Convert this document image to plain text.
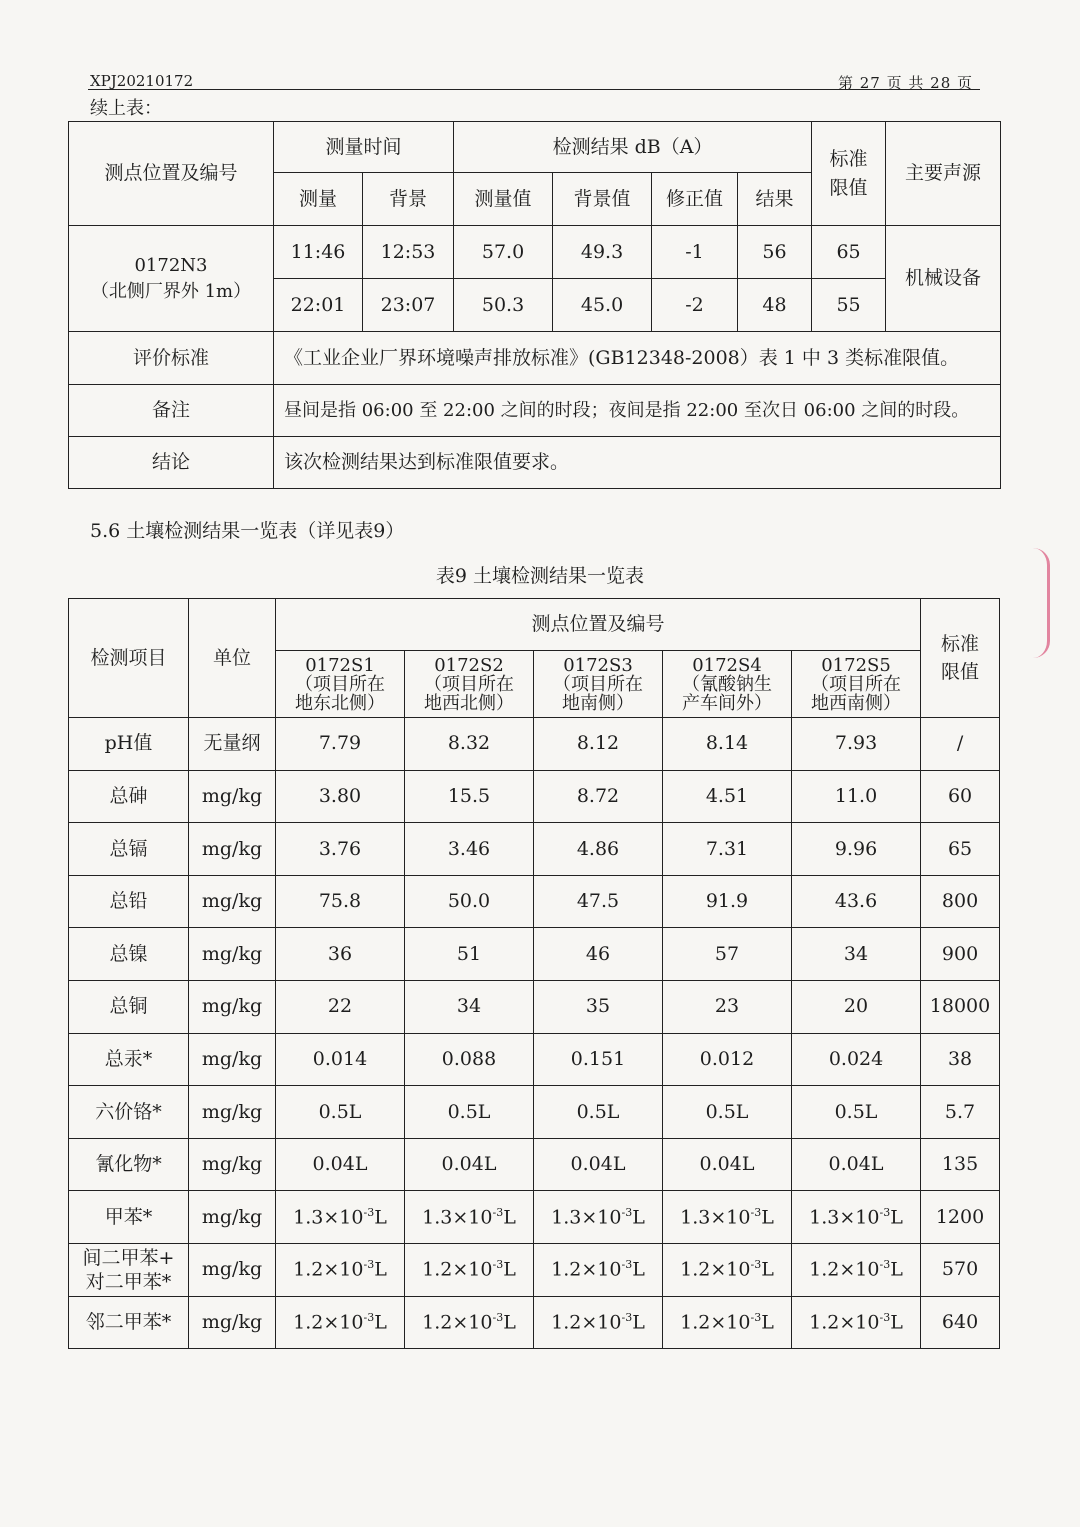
XPJ20210172	第 27 页 共 28 页
续上表：
测点位置及编号	测量时间		检测结果 dB（A）				标准限值	主要声源
	测量	背景	测量值	背景值	修正值	结果		

0172N3
（北侧厂界外 1m）	11:46	12:53	57.0	49.3	-1	56	65	机械设备
	22:01	23:07	50.3	45.0	-2	48	55	
评价标准	《工业企业厂界环境噪声排放标准》(GB12348-2008）表 1 中 3 类标准限值。							
备注	昼间是指 06:00 至 22:00 之间的时段；夜间是指 22:00 至次日 06:00 之间的时段。							
结论	该次检测结果达到标准限值要求。							
5.6 土壤检测结果一览表（详见表9）
表9 土壤检测结果一览表
检测项目	单位	测点位置及编号					标准限值

		0172S1
（项目所在
地东北侧）	0172S2
（项目所在
地西北侧）	0172S3
（项目所在
地南侧）	0172S4
（氰酸钠生
产车间外）	0172S5
（项目所在
地西南侧）	

pH值	无量纲	7.79	8.32	8.12	8.14	7.93	/
总砷	mg/kg	3.80	15.5	8.72	4.51	11.0	60
总镉	mg/kg	3.76	3.46	4.86	7.31	9.96	65
总铅	mg/kg	75.8	50.0	47.5	91.9	43.6	800
总镍	mg/kg	36	51	46	57	34	900
总铜	mg/kg	22	34	35	23	20	18000
总汞*	mg/kg	0.014	0.088	0.151	0.012	0.024	38
六价铬*	mg/kg	0.5L	0.5L	0.5L	0.5L	0.5L	5.7
氰化物*	mg/kg	0.04L	0.04L	0.04L	0.04L	0.04L	135

甲苯*	mg/kg	$1.3\times 10^{-3}L$	$1.3\times 10^{-3}L$	$1.3\times 10^{-3}L$	$1.3\times 10^{-3}L$	$1.3\times 10^{-3}L$	1200

间二甲苯+
对二甲苯*	mg/kg	$1.2\times 10^{-3}L$	$1.2\times 10^{-3}L$	$1.2\times 10^{-3}L$	$1.2\times 10^{-3}L$	$1.2\times 10^{-3}L$	570

邻二甲苯*	mg/kg	$1.2\times 10^{-3}L$	$1.2\times 10^{-3}L$	$1.2\times 10^{-3}L$	$1.2\times 10^{-3}L$	$1.2\times 10^{-3}L$	640
